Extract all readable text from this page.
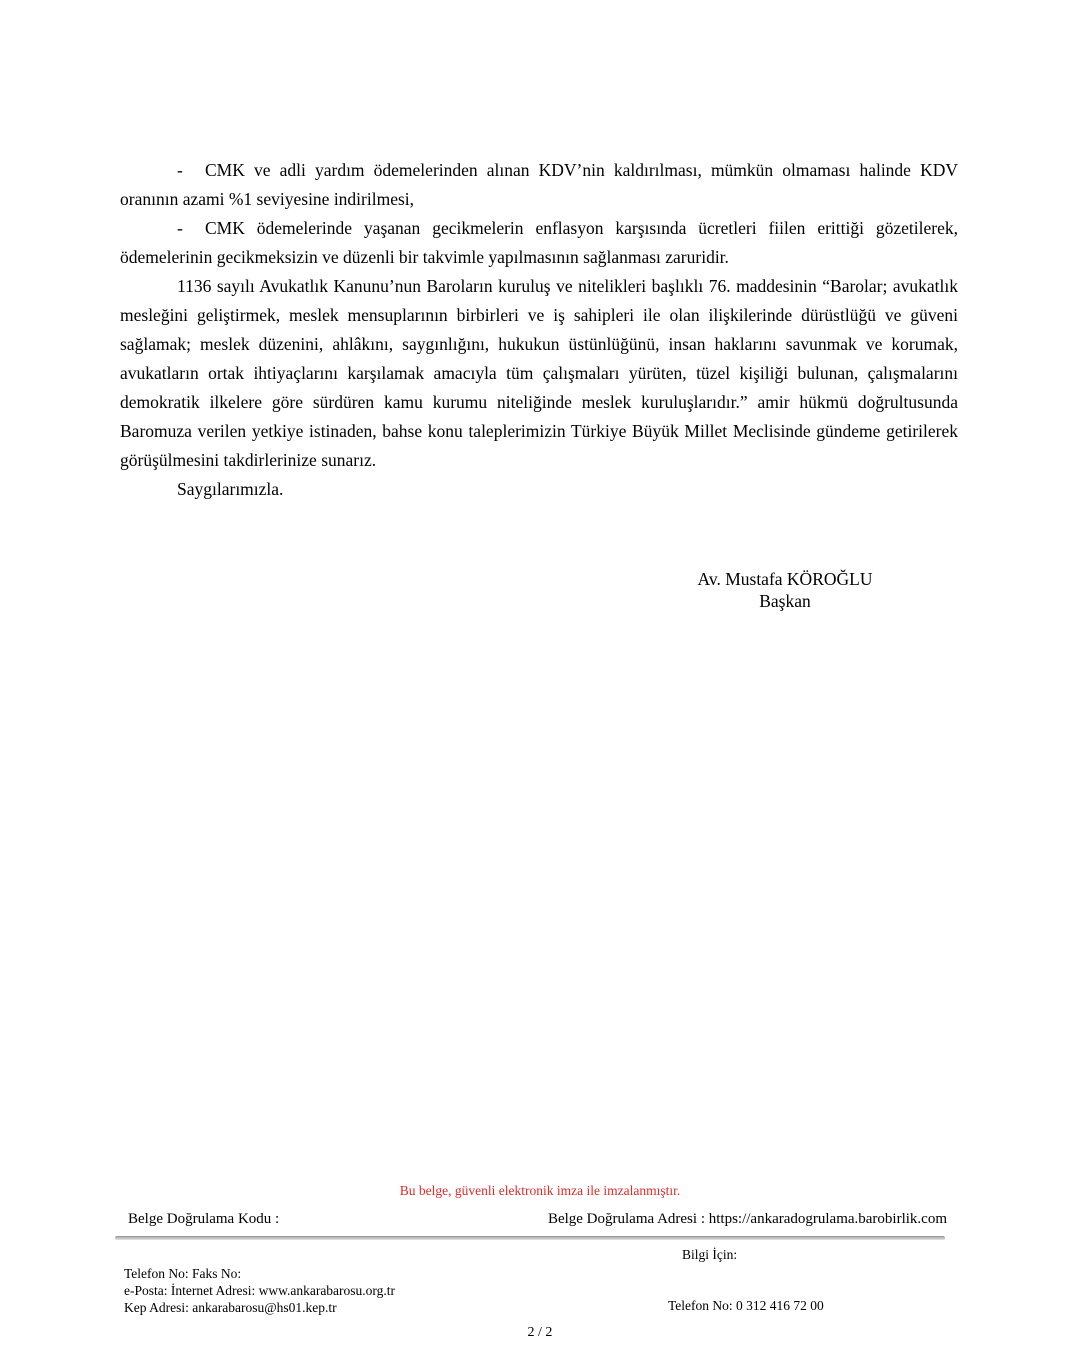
- CMK ve adli yardım ödemelerinden alınan KDV’nin kaldırılması, mümkün olmaması halinde KDV oranının azami %1 seviyesine indirilmesi,

- CMK ödemelerinde yaşanan gecikmelerin enflasyon karşısında ücretleri fiilen erittiği gözetilerek, ödemelerinin gecikmeksizin ve düzenli bir takvimle yapılmasının sağlanması zaruridir.

1136 sayılı Avukatlık Kanunu’nun Baroların kuruluş ve nitelikleri başlıklı 76. maddesinin “Barolar; avukatlık mesleğini geliştirmek, meslek mensuplarının birbirleri ve iş sahipleri ile olan ilişkilerinde dürüstlüğü ve güveni sağlamak; meslek düzenini, ahlâkını, saygınlığını, hukukun üstünlüğünü, insan haklarını savunmak ve korumak, avukatların ortak ihtiyaçlarını karşılamak amacıyla tüm çalışmaları yürüten, tüzel kişiliği bulunan, çalışmalarını demokratik ilkelere göre sürdüren kamu kurumu niteliğinde meslek kuruluşlarıdır.” amir hükmü doğrultusunda Baromuza verilen yetkiye istinaden, bahse konu taleplerimizin Türkiye Büyük Millet Meclisinde gündeme getirilerek görüşülmesini takdirlerinize sunarız.

Saygılarımızla.

Av. Mustafa KÖROĞLU
Başkan
Bu belge, güvenli elektronik imza ile imzalanmıştır.
Belge Doğrulama Kodu :	Belge Doğrulama Adresi : https://ankaradogrulama.barobirlik.com
Bilgi İçin:
Telefon No: Faks No:
e-Posta: İnternet Adresi: www.ankarabarosu.org.tr
Kep Adresi: ankarabarosu@hs01.kep.tr	Telefon No: 0 312 416 72 00
2 / 2
